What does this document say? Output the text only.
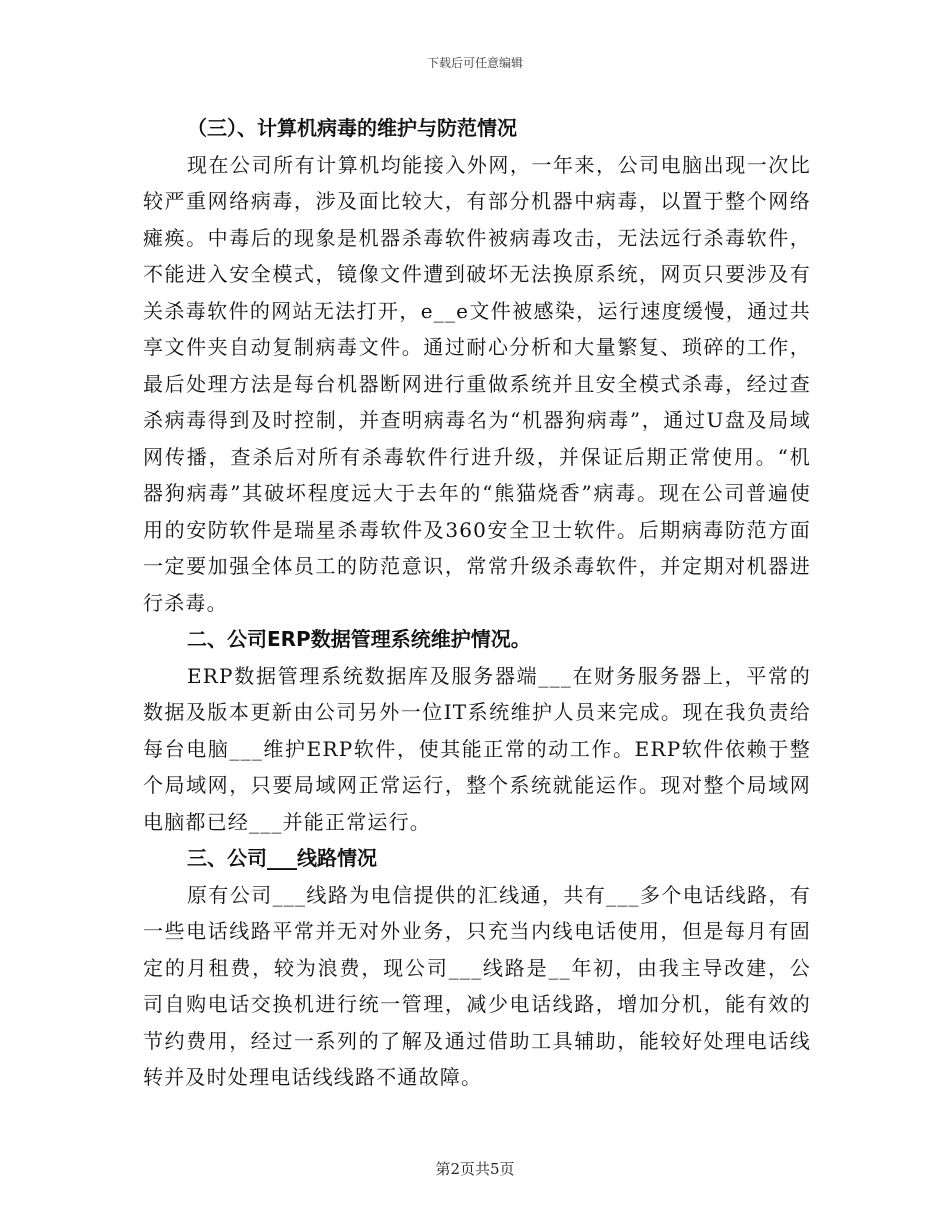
下载后可任意编辑
（三）、计算机病毒的维护与防范情况

现在公司所有计算机均能接入外网，一年来，公司电脑出现一次比较严重网络病毒，涉及面比较大，有部分机器中病毒，以置于整个网络瘫痪。中毒后的现象是机器杀毒软件被病毒攻击，无法远行杀毒软件，不能进入安全模式，镜像文件遭到破坏无法换原系统，网页只要涉及有关杀毒软件的网站无法打开，e__e文件被感染，运行速度缓慢，通过共享文件夹自动复制病毒文件。通过耐心分析和大量繁复、琐碎的工作，最后处理方法是每台机器断网进行重做系统并且安全模式杀毒，经过查杀病毒得到及时控制，并查明病毒名为“机器狗病毒”，通过U盘及局域网传播，查杀后对所有杀毒软件行进升级，并保证后期正常使用。“机器狗病毒”其破坏程度远大于去年的“熊猫烧香”病毒。现在公司普遍使用的安防软件是瑞星杀毒软件及360安全卫士软件。后期病毒防范方面一定要加强全体员工的防范意识，常常升级杀毒软件，并定期对机器进行杀毒。

二、公司ERP数据管理系统维护情况。

ERP数据管理系统数据库及服务器端___在财务服务器上，平常的数据及版本更新由公司另外一位IT系统维护人员来完成。现在我负责给每台电脑___维护ERP软件，使其能正常的动工作。ERP软件依赖于整个局域网，只要局域网正常运行，整个系统就能运作。现对整个局域网电脑都已经___并能正常运行。

三、公司___线路情况

原有公司___线路为电信提供的汇线通，共有___多个电话线路，有一些电话线路平常并无对外业务，只充当内线电话使用，但是每月有固定的月租费，较为浪费，现公司___线路是__年初，由我主导改建，公司自购电话交换机进行统一管理，减少电话线路，增加分机，能有效的节约费用，经过一系列的了解及通过借助工具辅助，能较好处理电话线转并及时处理电话线线路不通故障。

第2页共5页
